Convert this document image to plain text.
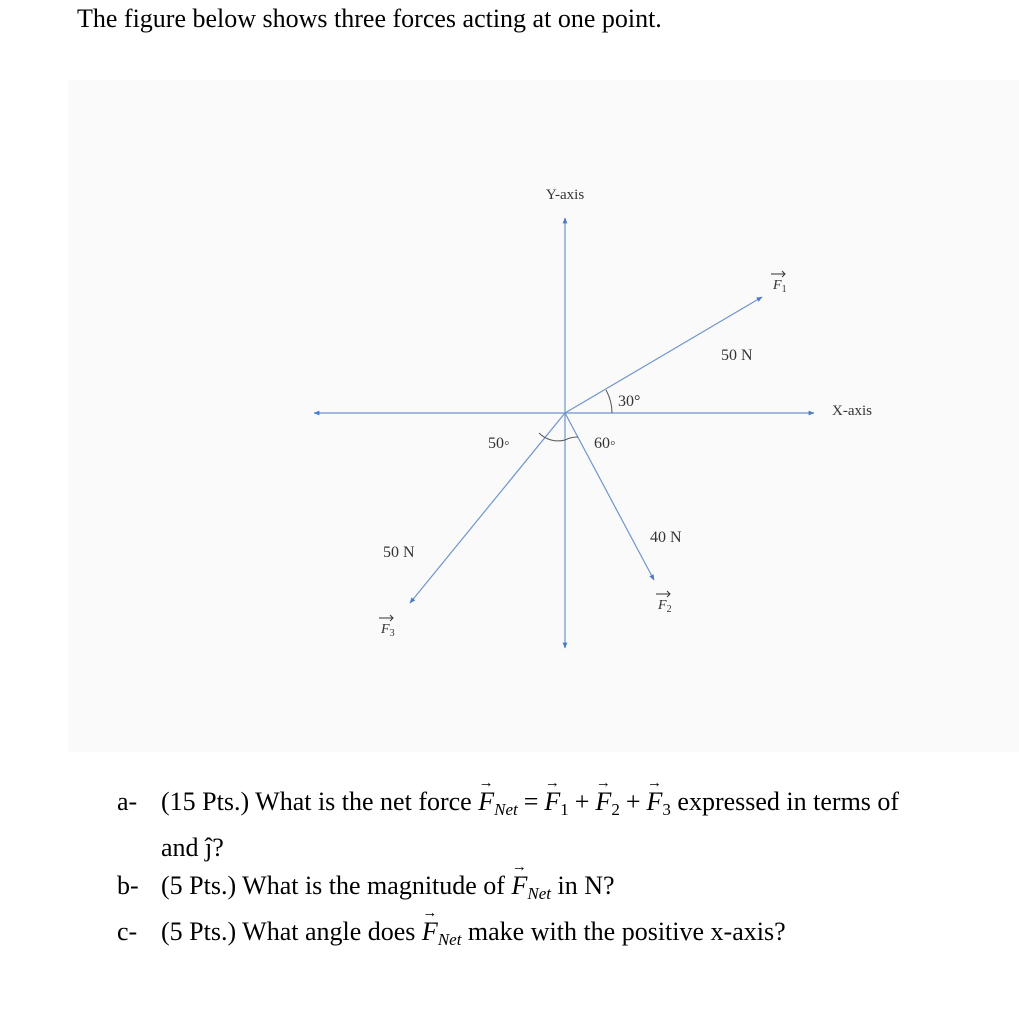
The figure below shows three forces acting at one point.

Y-axis
X-axis
30°
60◦
50◦
50 N
40 N
50 N
→ $F_1$
→ $F_2$
→ $F_3$
a- (15 Pts.) What is the net force → $F_{Net} =\to F1 +\to F2 +\to F3$ expressed in terms of
and ĵ?
b- (5 Pts.) What is the magnitude of → $F_{Net}$ in N?
c- (5 Pts.) What angle does → $F_{Net}$ make with the positive x-axis?
